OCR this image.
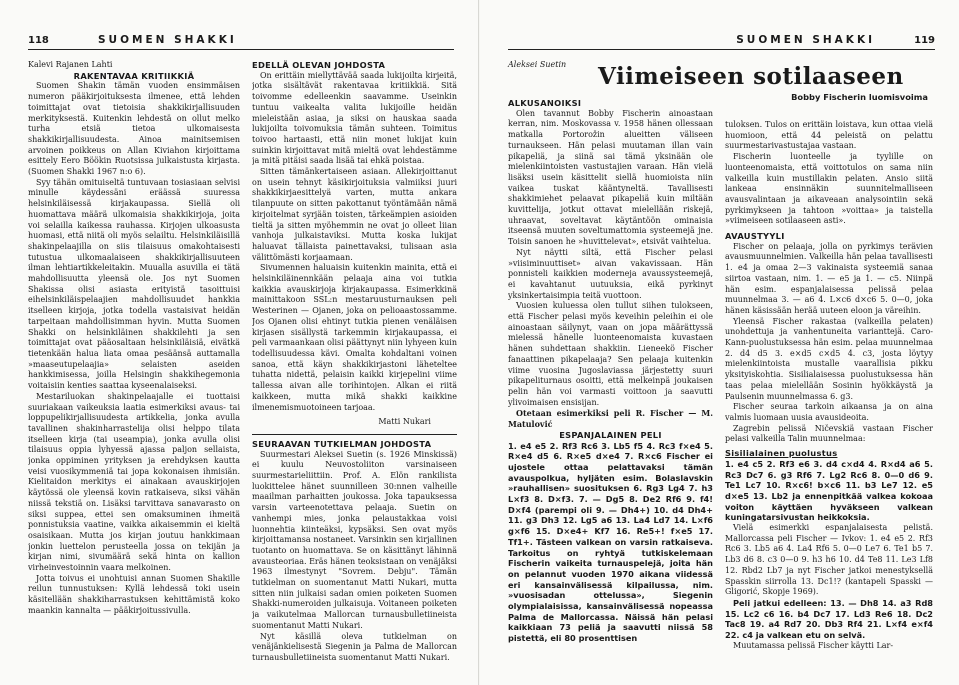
118	SUOMEN SHAKKI
Kalevi Rajanen Lahti
RAKENTAVAA KRITIIKKIÄ

Suomen Shakin tämän vuoden ensimmäisen numeron pääkirjoituksesta ilmenee, että lehden toimittajat ovat tietoisia shakkikirjallisuuden merkityksestä. Kuitenkin lehdestä on ollut melko turha etsiä tietoa ulkomaisesta shakkikirjallisuudesta. Ainoa mainitsemisen arvoinen poikkeus on Allan Kiviahon kirjoittama esittely Eero Böökin Ruotsissa julkaistusta kirjasta. (Suomen Shakki 1967 n:o 6).

Syy tähän omituiseltä tuntuvaan tosiasiaan selvisi minulle käydessäni eräässä suuressa helsinkiläisessä kirjakaupassa. Siellä oli huomattava määrä ulkomaisia shakkikirjoja, joita voi selailla kaikessa rauhassa. Kirjojen ulkoasusta huomasi, että niitä oli myös selailtu. Helsinkiläisillä shakinpelaajilla on siis tilaisuus omakohtaisesti tutustua ulkomaalaiseen shakkikirjallisuuteen ilman lehtiartikkeleitakin. Muualla asuvilla ei tätä mahdollisuutta yleensä ole. Jos nyt Suomen Shakissa olisi asiasta erityistä tasoittuisi eihelsinkiläispelaajien mahdollisuudet hankkia itselleen kirjoja, jotka todella vastaisivat heidän tarpeitaan mahdollisimman hyvin. Mutta Suomen Shakki on helsinkiläinen shakkilehti ja sen toimittajat ovat pääosaltaan helsinkiläisiä, eivätkä tietenkään halua liata omaa pesäänsä auttamalla »maaseutupelaajia» selaisten aseiden hankkimisessa, joilla Helsingin shakkihegemonia voitaisiin kenties saattaa kyseenalaiseksi.

Mestariluokan shakinpelaajalle ei tuottaisi suuriakaan vaikeuksia laatia esimerkiksi avaus- tai loppupelikirjallisuudesta artikkelia, jonka avulla tavallinen shakinharrastelija olisi helppo tilata itselleen kirja (tai useampia), jonka avulla olisi tilaisuus oppia lyhyessä ajassa paljon sellaista, jonka oppiminen yrityksen ja erehdyksen kautta veisi vuosikymmeniä tai jopa kokonaisen ihmisiän. Kielitaidon merkitys ei ainakaan avauskirjojen käytössä ole yleensä kovin ratkaiseva, siksi vähän niissä tekstiä on. Lisäksi tarvittava sanavarasto on siksi suppea, ettei sen omaksuminen ihmeitä ponnistuksia vaatine, vaikka aikaisemmin ei kieltä osaisikaan. Mutta jos kirjan joutuu hankkimaan jonkin luettelon perusteella jossa on tekijän ja kirjan nimi, sivumäärä sekä hinta on kallion virheinvestoinnin vaara melkoinen.

Jotta toivus ei unohtuisi annan Suomen Shakille reilun tunnustuksen: Kyllä lehdessä toki usein käsitellään shakkiharrastuksen kehittämistä koko maankin kannalta — pääkirjoitussivulla.

EDELLÄ OLEVAN JOHDOSTA

On erittäin miellyttävää saada lukijoilta kirjeitä, jotka sisältävät rakentavaa kritiikkiä. Sitä toivomme edelleenkin saavamme. Useinkin tuntuu vaikealta valita lukijoille heidän mieleistään asiaa, ja siksi on hauskaa saada lukijoilta toivomuksia tämän suhteen. Toimitus toivoo hartaasti, että niin monet lukijat kuin suinkin kirjoittavat mitä mieltä ovat lehdestämme ja mitä pitäisi saada lisää tai ehkä poistaa.

Sitten tämänkertaiseen asiaan. Allekirjoittanut on usein tehnyt käsikirjoituksia valmiiksi juuri shakkikirjaesittelyä varten, mutta ankara tilanpuute on sitten pakottanut työntämään nämä kirjoitelmat syrjään toisten, tärkeämpien asioiden tieltä ja sitten myöhemmin ne ovat jo olleet liian vanhoja julkaistaviksi. Mutta koska lukijat haluavat tällaista painettavaksi, tulisaan asia välittömästi korjaamaan.

Sivumennen haluaisin kuitenkin mainita, että ei helsinkiläinennkään pelaaja aina voi tutkia kaikkia avauskirjoja kirjakaupassa. Esimerkkinä mainittakoon SSL:n mestaruusturnauksen peli Westerinen — Ojanen, joka on pelioaastossamme. Jos Ojanen olisi ehtinyt tutkia pienen venäläisen kirjasen sisällystä tarkemmin kirjakaupassa, ei peli varmaankaan olisi päättynyt niin lyhyeen kuin todellisuudessa kävi. Omalta kohdaltani voinen sanoa, että käyn shakkikirjastoni läheteltee tuhatta nidettä, pelaisin kaikki kirjepelini viime tallessa aivan alle torihintojen. Alkan ei riitä kaikkeen, mutta mikä shakki kaikkine ilmenemismuotoineen tarjoaa.

Matti Nukari
SEURAAVAN TUTKIELMAN JOHDOSTA

Suurmestari Aleksei Suetin (s. 1926 Minskissä) ei kuulu Neuvostoliiton varsinaiseen suurmestarieliittiin. Prof. A. Elön rankilista luokittelee hänet suunnilleen 30:nnen valheille maailman parhaitten joukossa. Joka tapauksessa varsin varteenotettava pelaaja. Suetin on vanhempi mies, jonka pelaustakkaa voisi luonnehtia kiinteäksi, kypsäksi. Sen ovat myös kirjoittamansa nostaneet. Varsinkin sen kirjallinen tuotanto on huomattava. Se on käsittänyt lähinnä avausteoriaa. Eräs hänen teoksistaan on venäjäksi 1963 ilmestynyt "Sovrem. Debju". Tämän tutkielman on suomentanut Matti Nukari, mutta sitten niin julkaisi sadan omien poiketen Suomen Shakki-numeroiden julkaisuja. Voitaneen poiketen ja vaikutelmaa Mallorcan turnausbulletiineista suomentanut Matti Nukari.

Nyt käsillä oleva tutkielman on venäjänkielisestä Siegenin ja Palma de Mallorcan turnausbulletiineista suomentanut Matti Nukari.

SUOMEN SHAKKI	119
Aleksei Suetin Viimeiseen sotilaaseen
Bobby Fischerin luomisvoima
ALKUSANOIKSI

Olen tavannut Bobby Fischerin ainoastaan kerran, nim. Moskovassa v. 1958 hänen ollessaan matkalla Portorožin alueitten väliseen turnaukseen. Hän pelasi muutaman illan vain pikapeliä, ja siinä sai tämä yksinään ole mielenkiintoisten vastustajien varaan. Hän vielä lisäksi usein käsittelit siellä huomioista niin vaikea tuskat kääntyneltä. Tavallisesti shakkimiehet pelaavat pikapeliä kuin miltään kuvittelija, jotkut ottavat mielellään riskejä, uhraavat, soveltavat käytäntöön ominaisia itseensä muuten soveltumattomia systeemejä jne. Toisin sanoen he »huvittelevat», etsivät vaihtelua.

Nyt näytti siltä, että Fischer pelasi »viisiminuuttiset» aivan vakavissaan. Hän ponnisteli kaikkien moderneja avaussysteemejä, ei kavahtanut uutuuksia, eikä pyrkinyt yksinkertaisimpia teitä vuottoon.

Vuosien kuluessa olen tullut siihen tulokseen, että Fischer pelasi myös keveihin peleihin ei ole ainoastaan säilynyt, vaan on jopa määrättyssä mielessä hänelle luonteenomaista kuvastaen hänen suhdettaan shakkiin. Lieneekö Fischer fanaattinen pikapelaaja? Sen pelaaja kuitenkin viime vuosina Jugoslaviassa järjestetty suuri pikapeliturnaus osoitti, että melkeinpä joukaisen pelin hän voi varmasti voittoon ja saavutti ylivoimaisen ensisijan.

Otetaan esimerkiksi peli R. Fischer — M. Matulović

ESPANJALAINEN PELI

1. e4 e5 2. Rf3 Rc6 3. Lb5 f5 4. Rc3 f×e4 5. R×e4 d5 6. R×e5 d×e4 7. R×c6 Fischer ei ujostele ottaa pelattavaksi tämän avauspolkua, hyljäten esim. Bolaslavskin »rauhallisen» suosituksen 6. Rg3 Lg4 7. h3 L×f3 8. D×f3. 7. — Dg5 8. De2 Rf6 9. f4! D×f4 (parempi oli 9. — Dh4+) 10. d4 Dh4+ 11. g3 Dh3 12. Lg5 a6 13. La4 Ld7 14. L×f6 g×f6 15. D×e4+ Kf7 16. Re5+! f×e5 17. Tf1+. Tästeen valkean on varsin ratkaiseva. Tarkoitus on ryhtyä tutkiskelemaan Fischerin vaikeita turnauspelejä, joita hän on pelannut vuoden 1970 aikana viidessä eri kansainvälisessä kilpailussa, nim. »vuosisadan ottelussa», Siegenin olympialaisissa, kansainvälisessä nopeassa Palma de Mallorcassa. Näissä hän pelasi kaikkiaan 73 peliä ja saavutti niissä 58 pistettä, eli 80 prosenttisen

tuloksen. Tulos on erittäin loistava, kun ottaa vielä huomioon, että 44 peleistä on pelattu suurmestarivastustajaa vastaan.

Fischerin luonteelle ja tyylille on luonteenomaista, että voittotulos on sama niin valkeilla kuin mustillakin pelaten. Ansio siitä lankeaa ensinnäkin suunnitelmalliseen avausvalintaan ja aikaveaan analysointiin sekä pyrkimykseen ja tahtoon »voittaa» ja taistella »viimeiseen sotilaaseen asti».

AVAUSTYYLI

Fischer on pelaaja, jolla on pyrkimys terävien avausmuunnelmien. Valkeilla hän pelaa tavallisesti 1. e4 ja omaa 2—3 vakinaista systeemiä sanaa siirtoa vastaan, nim. 1. — e5 ja 1. — c5. Niinpä hän esim. espanjalaisessa pelissä pelaa muunnelmaa 3. — a6 4. L×c6 d×c6 5. 0—0, joka hänen käsissään herää uuteen eloon ja väreihin.

Yleensä Fischer rakastaa (valkeilla pelaten) unohdettuja ja vanhentuneita varianttejä. Caro-Kann-puolustuksessa hän esim. pelaa muunnelmaa 2. d4 d5 3. e×d5 c×d5 4. c3, josta löytyy mielenkiintoista mustalle vaarallisia pikku yksityiskohtia. Sisilialaisessa puolustuksessa hän taas pelaa mielellään Sosinin hyökkäystä ja Paulsenin muunnelmassa 6. g3.

Fischer seuraa tarkoin aikaansa ja on aina valmis luomaan uusia avausideoita.

Zagrebin pelissä Ničevskiä vastaan Fischer pelasi valkeilla Talin muunnelmaa:

Sisilialainen puolustus

1. e4 c5 2. Rf3 e6 3. d4 c×d4 4. R×d4 a6 5. Rc3 Dc7 6. g3 Rf6 7. Lg2 Rc6 8. 0—0 d6 9. Te1 Lc7 10. R×c6! b×c6 11. b3 Le7 12. e5 d×e5 13. Lb2 ja ennenpitkää valkea kokoaa voiton käyttäen hyväkseen valkean kuningatarsivustan heikkoksia.

Vielä esimerkki espanjalaisesta pelistä. Mallorcassa peli Fischer — Ivkov: 1. e4 e5 2. Rf3 Rc6 3. Lb5 a6 4. La4 Rf6 5. 0—0 Le7 6. Te1 b5 7. Lb3 d6 8. c3 0—0 9. h3 h6 10. d4 Te8 11. Le3 Lf8 12. Rbd2 Lb7 ja nyt Fischer jatkoi menestyksellä Spasskin siirrolla 13. Dc1!? (kantapeli Spasski — Gligorić, Skopje 1969).

Peli jatkui edelleen: 13. — Dh8 14. a3 Rd8 15. Lc2 c6 16. b4 Dc7 17. Ld3 Re6 18. Dc2 Tac8 19. a4 Rd7 20. Db3 Rf4 21. L×f4 e×f4 22. c4 ja valkean etu on selvä.

Muutamassa pelissä Fischer käytti Lar-
